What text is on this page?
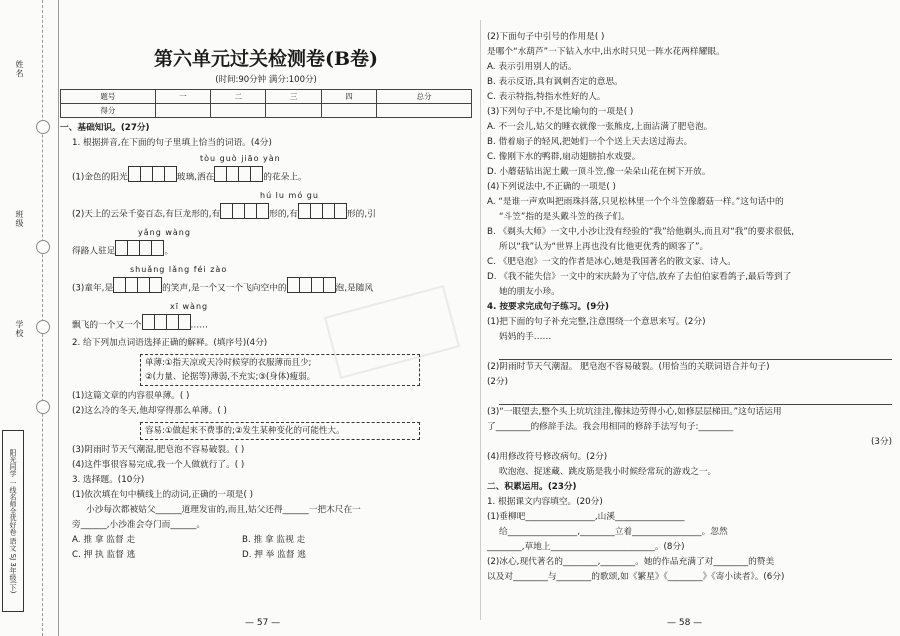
姓名
班级
学校
阳光同学 一线名师全优好卷 语文 SJ 3年级(下)
第六单元过关检测卷(B卷)
(时间:90分钟 满分:100分)
题号	一	二	三	四	总分
得分					
一、基础知识。(27分)
1. 根据拼音,在下面的句子里填上恰当的词语。(4分)
tòu guò jiāo yàn
(1)金色的阳光	玻璃,洒在	的花朵上。
hú lu mó gu
(2)天上的云朵千姿百态,有巨龙形的,有	形的,有	形的,引
yǎng wàng
得路人驻足	。
shuǎng lǎng féi zào
(3)童年,是	的笑声,是一个又一个飞向空中的	泡,是随风
xī wàng
飘飞的一个又一个	……
2. 给下列加点词语选择正确的解释。(填序号)(4分)
单薄:①指天凉或天冷时候穿的衣服薄而且少;
②(力量、论据等)薄弱,不充实;③(身体)瘦弱。
(1)这篇文章的内容很单薄。( )
(2)这么冷的冬天,他却穿得那么单薄。( )
容易:①做起来不费事的;②发生某种变化的可能性大。
(3)阴雨时节天气潮湿,肥皂泡不容易破裂。( )
(4)这件事很容易完成,我一个人做就行了。( )
3. 选择题。(10分)
(1)依次填在句中横线上的动词,正确的一项是( )
小沙每次都被姑父______道理发宙的,而且,姑父还得______一把木尺在一
旁______,小沙准会夺门而______。
A. 推 拿 监督 走	B. 推 拿 监视 走
C. 押 执 监督 逃	D. 押 举 监督 逃
— 57 —
(2)下面句子中引号的作用是( )
是哪个“水葫芦”一下钻入水中,出水时只见一阵水花两样耀眼。
A. 表示引用别人的话。
B. 表示反语,具有讽刺否定的意思。
C. 表示特指,特指水性好的人。
(3)下列句子中,不是比喻句的一项是( )
A. 不一会儿,姑父的睡衣就像一张熊皮,上面沾满了肥皂泡。
B. 借着扇子的轻风,把她们一个个送上天去送过海去。
C. 像刚下水的鸭群,扇动翅膀拍水戏耍。
D. 小蘑菇钻出泥土戴一顶斗笠,像一朵朵山花在树下开放。
(4)下列说法中,不正确的一项是( )
A. “是谁一声欢叫把雨珠抖落,只见松林里一个个斗笠像蘑菇一样。”这句话中的
“斗笠”指的是头戴斗笠的孩子们。
B. 《剃头大师》一文中,小沙让没有经验的“我”给他剃头,而且对“我”的要求很低,
所以“我”认为“世界上再也没有比他更优秀的顾客了”。
C. 《肥皂泡》一文的作者是冰心,她是我国著名的散文家、诗人。
D. 《我不能失信》一文中的宋庆龄为了守信,放弃了去伯伯家看鸽子,最后等到了
她的朋友小珍。
4. 按要求完成句子练习。(9分)
(1)把下面的句子补充完整,注意围绕一个意思来写。(2分)
妈妈的手……
(2)阴雨时节天气潮湿。 肥皂泡不容易破裂。(用恰当的关联词语合并句子)
(2分)
(3)“一眼望去,整个头上坑坑洼洼,像抹边劳得小心,如修层层梯田。”这句话运用
了________的修辞手法。我会用相同的修辞手法写句子:________
(3分)
(4)用修改符号修改病句。(2分)
吹泡泡、捉迷藏、跳皮筋是我小时候经常玩的游戏之一。
二、积累运用。(23分)
1. 根据课文内容填空。(20分)
(1)垂柳吧________________,山溪________________
给________________,________立着________________。忽然
________,草地上________________________。(8分)
(2)冰心,现代著名的________,________。她的作品充满了对________的赞美
以及对________与________的歌颂,如《繁星》《________》《寄小读者》。(6分)
— 58 —
